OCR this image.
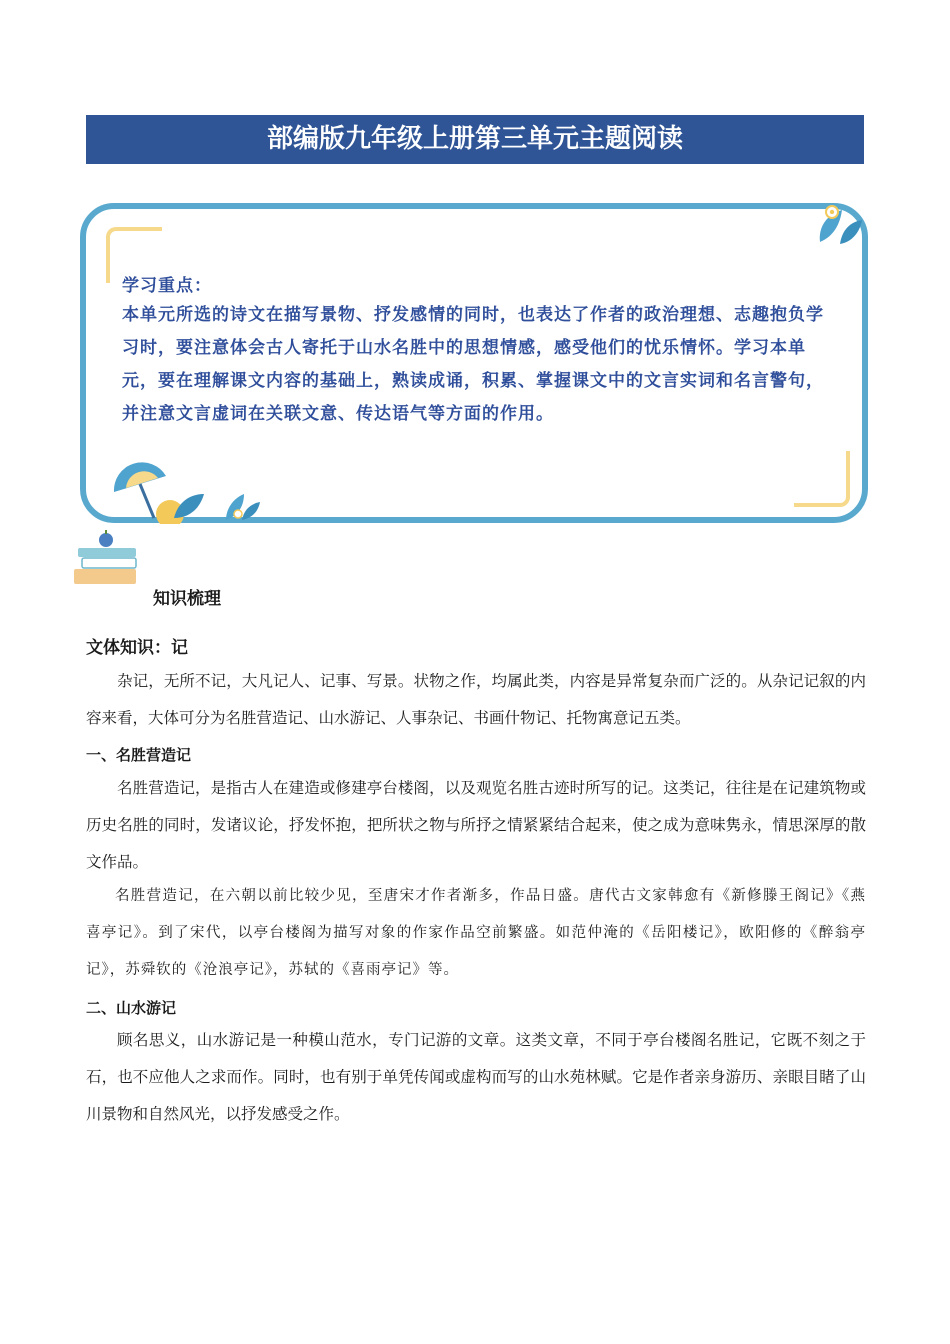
部编版九年级上册第三单元主题阅读
学习重点：
本单元所选的诗文在描写景物、抒发感情的同时，也表达了作者的政治理想、志趣抱负学习时，要注意体会古人寄托于山水名胜中的思想情感，感受他们的忧乐情怀。学习本单元，要在理解课文内容的基础上，熟读成诵，积累、掌握课文中的文言实词和名言警句，并注意文言虚词在关联文意、传达语气等方面的作用。
知识梳理
文体知识：记
杂记，无所不记，大凡记人、记事、写景。状物之作，均属此类，内容是异常复杂而广泛的。从杂记记叙的内容来看，大体可分为名胜营造记、山水游记、人事杂记、书画什物记、托物寓意记五类。
一、名胜营造记
名胜营造记，是指古人在建造或修建亭台楼阁，以及观览名胜古迹时所写的记。这类记，往往是在记建筑物或历史名胜的同时，发诸议论，抒发怀抱，把所状之物与所抒之情紧紧结合起来，使之成为意味隽永，情思深厚的散文作品。
名胜营造记，在六朝以前比较少见，至唐宋才作者渐多，作品日盛。唐代古文家韩愈有《新修滕王阁记》《燕喜亭记》。到了宋代，以亭台楼阁为描写对象的作家作品空前繁盛。如范仲淹的《岳阳楼记》，欧阳修的《醉翁亭记》，苏舜钦的《沧浪亭记》，苏轼的《喜雨亭记》等。
二、山水游记
顾名思义，山水游记是一种模山范水，专门记游的文章。这类文章，不同于亭台楼阁名胜记，它既不刻之于石，也不应他人之求而作。同时，也有别于单凭传闻或虚构而写的山水苑林赋。它是作者亲身游历、亲眼目睹了山川景物和自然风光，以抒发感受之作。
